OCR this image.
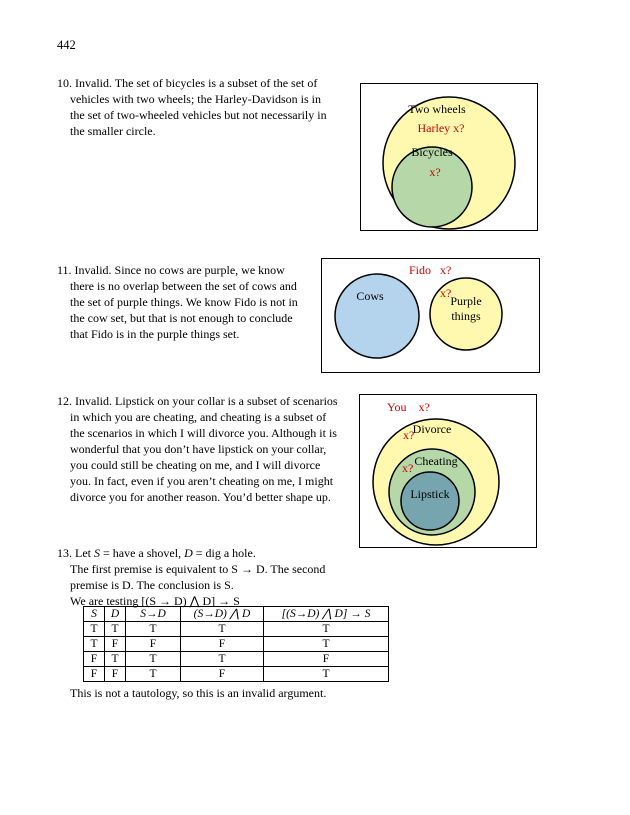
442
10. Invalid. The set of bicycles is a subset of the set of
vehicles with two wheels; the Harley-Davidson is in
the set of two-wheeled vehicles but not necessarily in
the smaller circle.
Two wheels
Harley x?
Bicycles
x?
11. Invalid. Since no cows are purple, we know
there is no overlap between the set of cows and
the set of purple things. We know Fido is not in
the cow set, but that is not enough to conclude
that Fido is in the purple things set.
Fido   x?
Cows	x?
Purple
things
12. Invalid. Lipstick on your collar is a subset of scenarios
in which you are cheating, and cheating is a subset of
the scenarios in which I will divorce you. Although it is
wonderful that you don’t have lipstick on your collar,
you could still be cheating on me, and I will divorce
you. In fact, even if you aren’t cheating on me, I might
divorce you for another reason. You’d better shape up.
You    x?
x?
Divorce
x? Cheating
Lipstick
13. Let S = have a shovel, D = dig a hole.
The first premise is equivalent to S → D. The second
premise is D. The conclusion is S.
We are testing [(S → D) ⋀ D] → S
S	D	S→D	(S→D) ⋀ D	[(S→D) ⋀ D] → S
T	T	T	T	T
T	F	F	F	T
F	T	T	T	F
F	F	T	F	T
This is not a tautology, so this is an invalid argument.
